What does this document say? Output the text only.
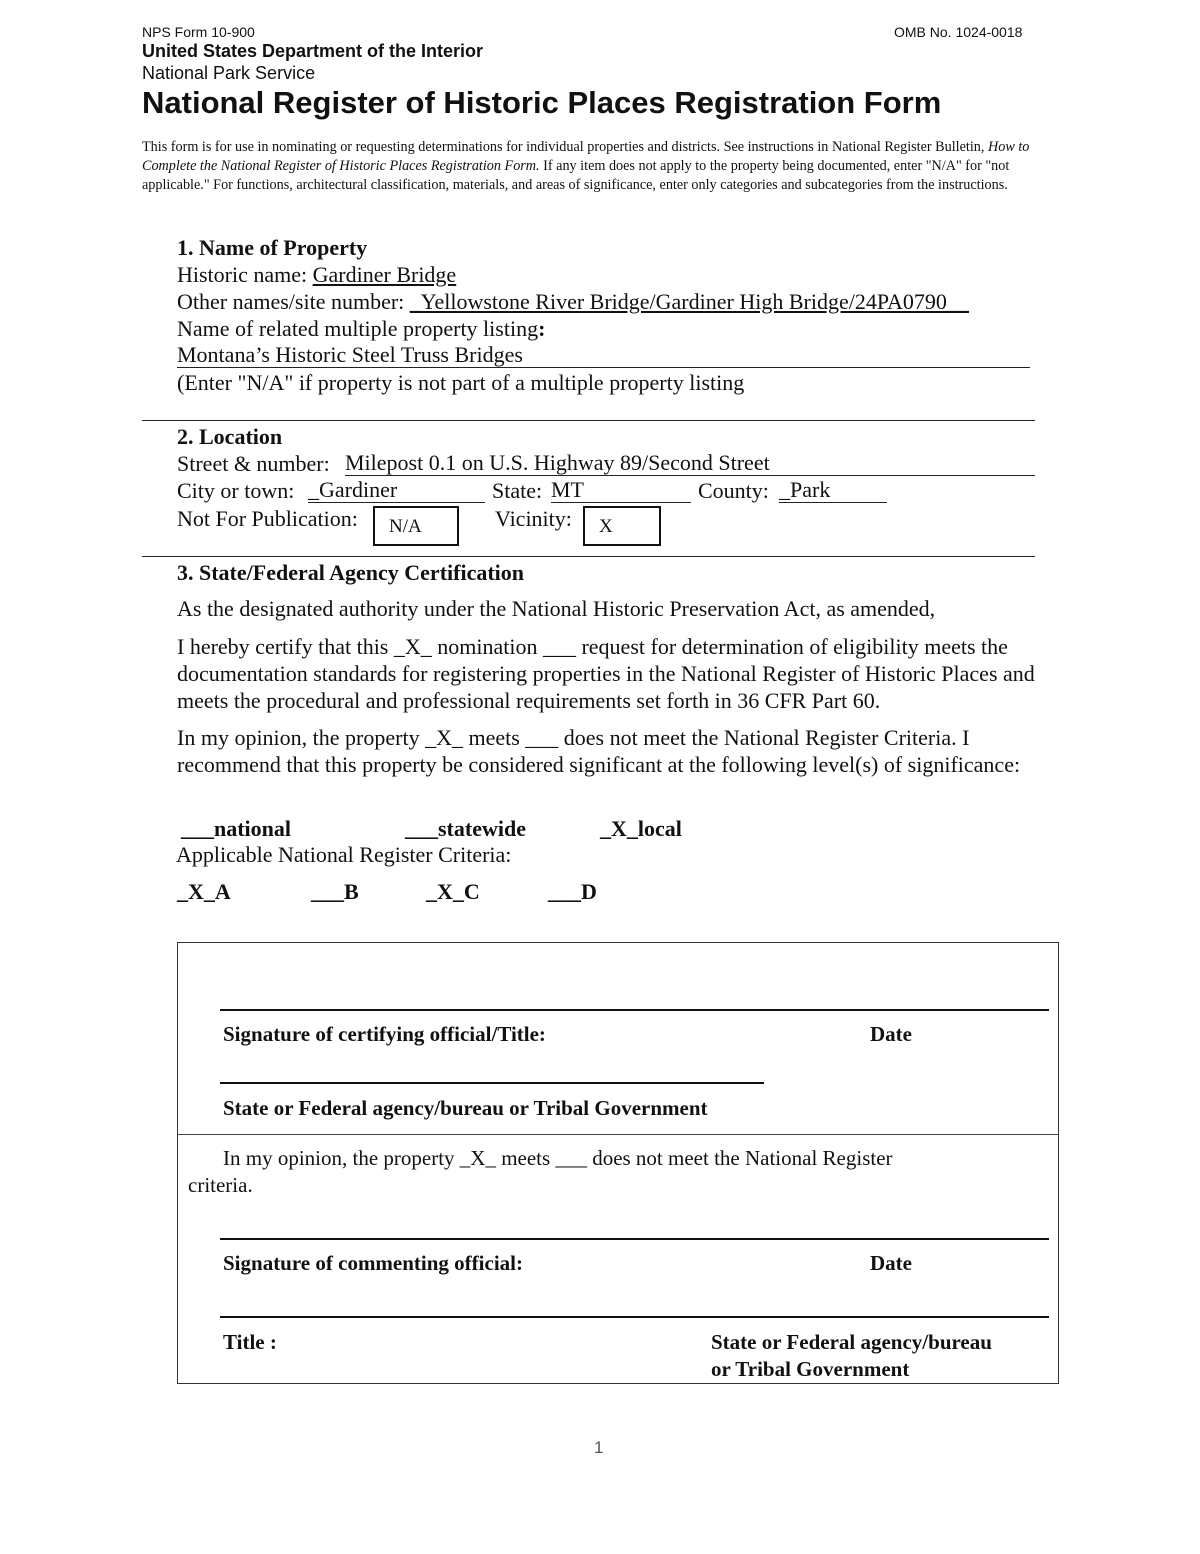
NPS Form 10-900	OMB No. 1024-0018
United States Department of the Interior
National Park Service
National Register of Historic Places Registration Form
This form is for use in nominating or requesting determinations for individual properties and districts. See instructions in National Register Bulletin, How to Complete the National Register of Historic Places Registration Form. If any item does not apply to the property being documented, enter "N/A" for "not applicable." For functions, architectural classification, materials, and areas of significance, enter only categories and subcategories from the instructions.
1. Name of Property
Historic name: Gardiner Bridge
Other names/site number: _Yellowstone River Bridge/Gardiner High Bridge/24PA0790__
Name of related multiple property listing:
Montana’s Historic Steel Truss Bridges
(Enter "N/A" if property is not part of a multiple property listing
2. Location
Street & number: Milepost 0.1 on U.S. Highway 89/Second Street
City or town: _Gardiner	State: MT	County: _Park
Not For Publication:	N/A	Vicinity:	X
3. State/Federal Agency Certification
As the designated authority under the National Historic Preservation Act, as amended,
I hereby certify that this _X_ nomination ___ request for determination of eligibility meets the documentation standards for registering properties in the National Register of Historic Places and meets the procedural and professional requirements set forth in 36 CFR Part 60.
In my opinion, the property _X_ meets ___ does not meet the National Register Criteria. I recommend that this property be considered significant at the following level(s) of significance:
___national	___statewide	_X_local
Applicable National Register Criteria:
_X_A	___B	_X_C	___D
Signature of certifying official/Title:	Date
State or Federal agency/bureau or Tribal Government
In my opinion, the property _X_ meets ___ does not meet the National Register
criteria.
Signature of commenting official:	Date
Title :	State or Federal agency/bureau
or Tribal Government
1
